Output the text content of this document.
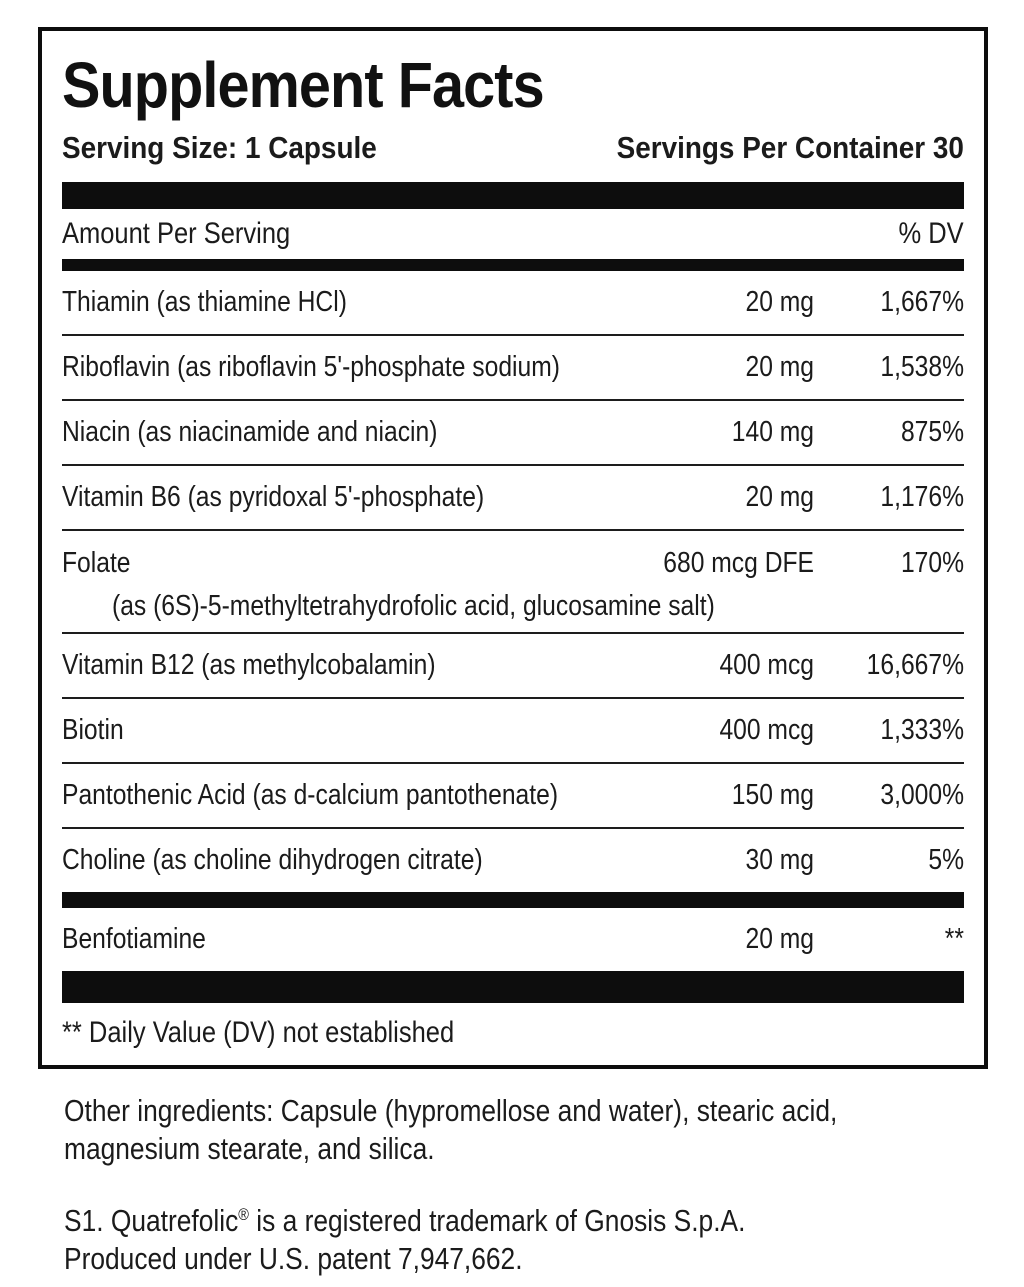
Supplement Facts
Serving Size: 1 Capsule	Servings Per Container 30
Amount Per Serving	% DV
Thiamin (as thiamine HCl)	20 mg	1,667%
Riboflavin (as riboflavin 5'-phosphate sodium)	20 mg	1,538%
Niacin (as niacinamide and niacin)	140 mg	875%
Vitamin B6 (as pyridoxal 5'-phosphate)	20 mg	1,176%
Folate	680 mcg DFE	170%
(as (6S)-5-methyltetrahydrofolic acid, glucosamine salt)
Vitamin B12 (as methylcobalamin)	400 mcg	16,667%
Biotin	400 mcg	1,333%
Pantothenic Acid (as d-calcium pantothenate)	150 mg	3,000%
Choline (as choline dihydrogen citrate)	30 mg	5%
Benfotiamine	20 mg	**
** Daily Value (DV) not established
Other ingredients: Capsule (hypromellose and water), stearic acid,
magnesium stearate, and silica.
S1. Quatrefolic® is a registered trademark of Gnosis S.p.A.
Produced under U.S. patent 7,947,662.
